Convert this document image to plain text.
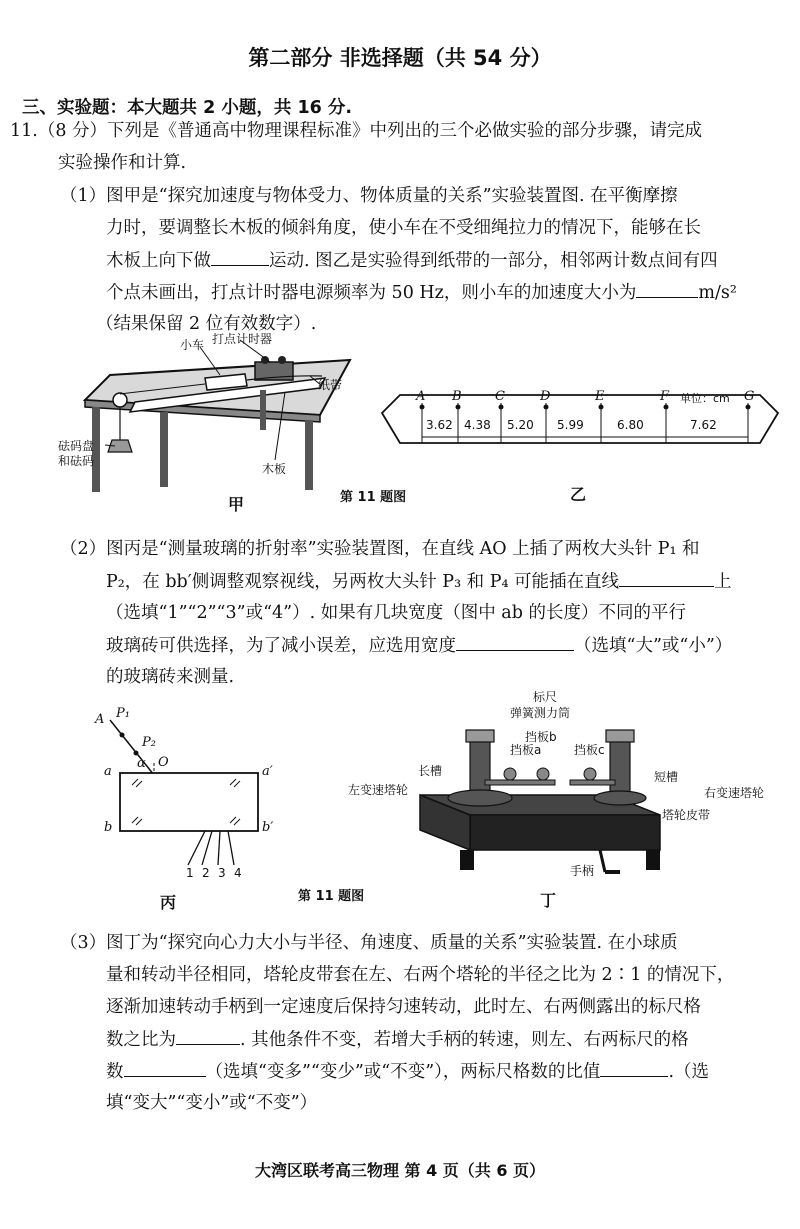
第二部分 非选择题（共 54 分）
三、实验题：本大题共 2 小题，共 16 分.
11.（8 分）下列是《普通高中物理课程标准》中列出的三个必做实验的部分步骤，请完成
实验操作和计算.
（1）图甲是“探究加速度与物体受力、物体质量的关系”实验装置图. 在平衡摩擦
力时，要调整长木板的倾斜角度，使小车在不受细绳拉力的情况下，能够在长
木板上向下做	运动. 图乙是实验得到纸带的一部分，相邻两计数点间有四
个点未画出，打点计时器电源频率为 50 Hz，则小车的加速度大小为	m/s²
（结果保留 2 位有效数字）.
小车 打点计时器
纸带
木板
砝码盘
和砝码
甲	第 11 题图	乙
A B	C	D	E	F	G
单位：cm
3.62 4.38 5.20 5.99	6.80	7.62
（2）图丙是“测量玻璃的折射率”实验装置图，在直线 AO 上插了两枚大头针 P₁ 和
P₂，在 bb′侧调整观察视线，另两枚大头针 P₃ 和 P₄ 可能插在直线	上
（选填“1”“2”“3”或“4”）. 如果有几块宽度（图中 ab 的长度）不同的平行
玻璃砖可供选择，为了减小误差，应选用宽度	（选填“大”或“小”）
的玻璃砖来测量.
A P₁
P₂
α O
a	a′
b	b′
1 2 3 4
丙	第 11 题图	丁
标尺
弹簧测力筒
挡板a
挡板b
挡板c
长槽	短槽
左变速塔轮	右变速塔轮
塔轮皮带
手柄
（3）图丁为“探究向心力大小与半径、角速度、质量的关系”实验装置. 在小球质
量和转动半径相同，塔轮皮带套在左、右两个塔轮的半径之比为 2∶1 的情况下，
逐渐加速转动手柄到一定速度后保持匀速转动，此时左、右两侧露出的标尺格
数之比为	. 其他条件不变，若增大手柄的转速，则左、右两标尺的格
数	（选填“变多”“变少”或“不变”），两标尺格数的比值	.（选
填“变大”“变小”或“不变”）
大湾区联考高三物理 第 4 页（共 6 页）
